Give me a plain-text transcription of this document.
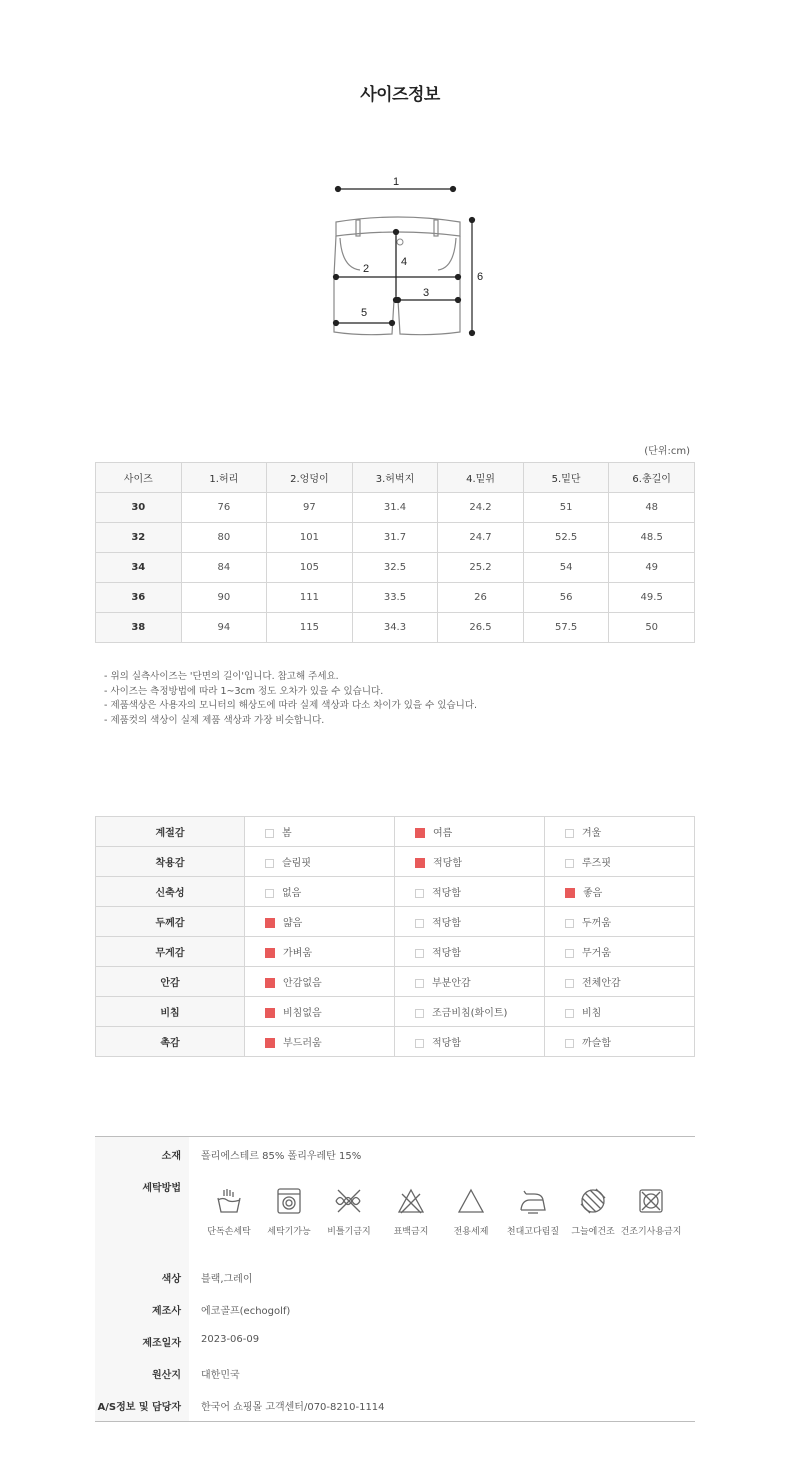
사이즈정보
1
2
3
4
5
6
(단위:cm)
사이즈	1.허리	2.엉덩이	3.허벅지	4.밑위	5.밑단	6.총길이
30	76	97	31.4	24.2	51	48
32	80	101	31.7	24.7	52.5	48.5
34	84	105	32.5	25.2	54	49
36	90	111	33.5	26	56	49.5
38	94	115	34.3	26.5	57.5	50
- 위의 실측사이즈는 '단면의 길이'입니다. 참고해 주세요.
- 사이즈는 측정방법에 따라 1~3cm 정도 오차가 있을 수 있습니다.
- 제품색상은 사용자의 모니터의 해상도에 따라 실제 색상과 다소 차이가 있을 수 있습니다.
- 제품컷의 색상이 실제 제품 색상과 가장 비슷합니다.
계절감	봄	여름	겨울
착용감	슬림핏	적당함	루즈핏
신축성	없음	적당함	좋음
두께감	얇음	적당함	두꺼움
무게감	가벼움	적당함	무거움
안감	안감없음	부분안감	전체안감
비침	비침없음	조금비침(화이트)	비침
촉감	부드러움	적당함	까슬함
소재 폴리에스테르 85% 폴리우레탄 15%
세탁방법
색상 블랙,그레이
제조사 에코골프(echogolf)
제조일자 2023-06-09
원산지 대한민국
A/S정보 및 담당자 한국어 쇼핑몰 고객센터/070-8210-1114
단독손세탁	세탁기가능	비틀기금지	표백금지	전용세제	천대고다림질	그늘에건조 건조기사용금지
